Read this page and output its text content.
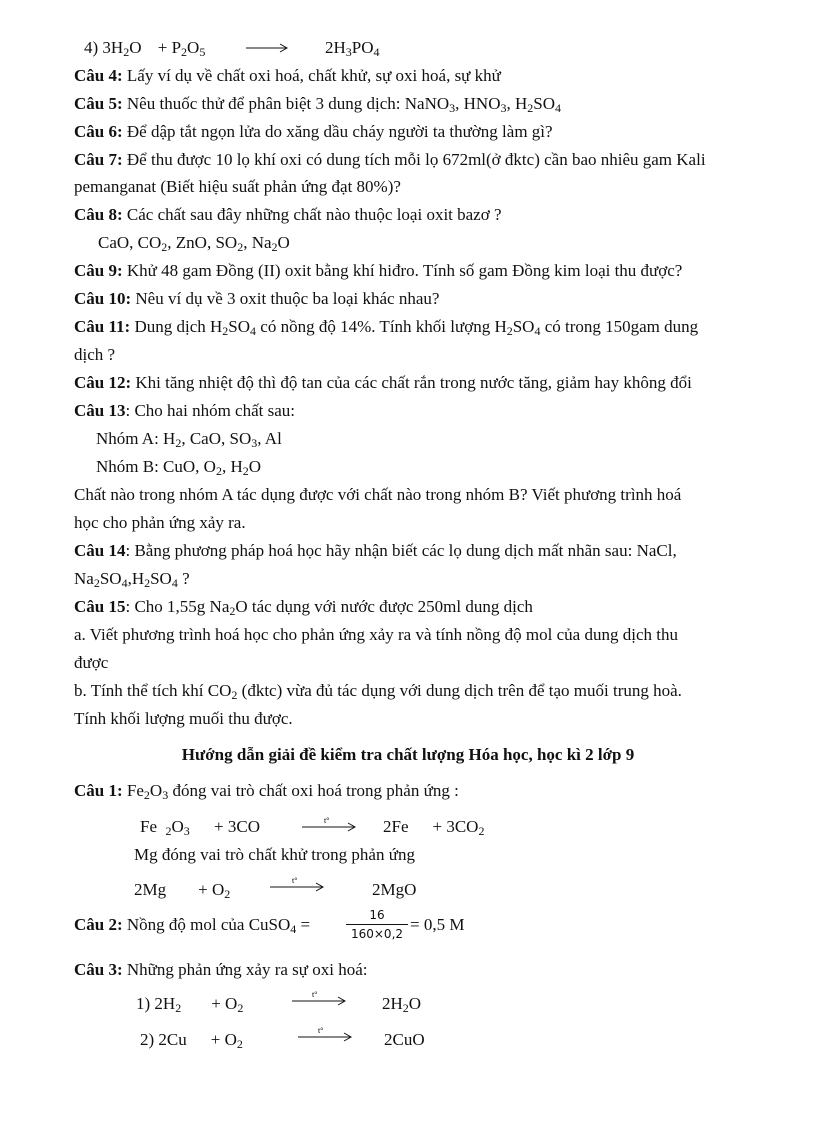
4) $3H_2O + P_2O_5$	$2H_3PO_4$
Câu 4: Lấy ví dụ về chất oxi hoá, chất khử, sự oxi hoá, sự khử
Câu 5: Nêu thuốc thử để phân biệt 3 dung dịch: NaNO$_3$, $HNO_3$, $H_2SO_4$
Câu 6: Để dập tắt ngọn lửa do xăng dầu cháy người ta thường làm gì?
Câu 7: Để thu được 10 lọ khí oxi có dung tích mỗi lọ 672ml(ở đktc) cần bao nhiêu gam Kali
pemanganat (Biết hiệu suất phản ứng đạt 80%)?
Câu 8: Các chất sau đây những chất nào thuộc loại oxit bazơ ?
CaO, $CO_2$, ZnO, $SO_2$, $Na_2O$
Câu 9: Khử 48 gam Đồng (II) oxit bằng khí hiđro. Tính số gam Đồng kim loại thu được?
Câu 10: Nêu ví dụ về 3 oxit thuộc ba loại khác nhau?
Câu 11: Dung dịch $H_2SO_4$ có nồng độ 14%. Tính khối lượng $H_2SO_4$ có trong 150gam dung
dịch ?
Câu 12: Khi tăng nhiệt độ thì độ tan của các chất rắn trong nước tăng, giảm hay không đổi
Câu 13: Cho hai nhóm chất sau:
Nhóm A: $H_2$, CaO, $SO_3$, Al
Nhóm B: CuO, $O_2$, $H_2O$
Chất nào trong nhóm A tác dụng được với chất nào trong nhóm B? Viết phương trình hoá
học cho phản ứng xảy ra.
Câu 14: Bằng phương pháp hoá học hãy nhận biết các lọ dung dịch mất nhãn sau: NaCl,
$Na_2SO_4,H_2SO_4$ ?
Câu 15: Cho 1,55g $Na_2O$ tác dụng với nước được 250ml dung dịch
a. Viết phương trình hoá học cho phản ứng xảy ra và tính nồng độ mol của dung dịch thu
được
b. Tính thể tích khí $CO_2$ (đktc) vừa đủ tác dụng với dung dịch trên để tạo muối trung hoà.
Tính khối lượng muối thu được.
Hướng dẫn giải đề kiểm tra chất lượng Hóa học, học kì 2 lớp 9
Câu 1: $Fe_2O_3$ đóng vai trò chất oxi hoá trong phản ứng :
Fe $_2O_3 + 3CO$	t°	$2Fe + 3CO_2$
Mg đóng vai trò chất khử trong phản ứng
$2Mg + O_2$
t°	2MgO
Câu 2: Nồng độ mol của CuSO$_4$ =	16
160×0,2 = 0,5 M
Câu 3: Những phản ứng xảy ra sự oxi hoá:
1) $2H_2 + O_2$
t°	$2H_2O$
2) $2Cu + O_2$
t°	2CuO
